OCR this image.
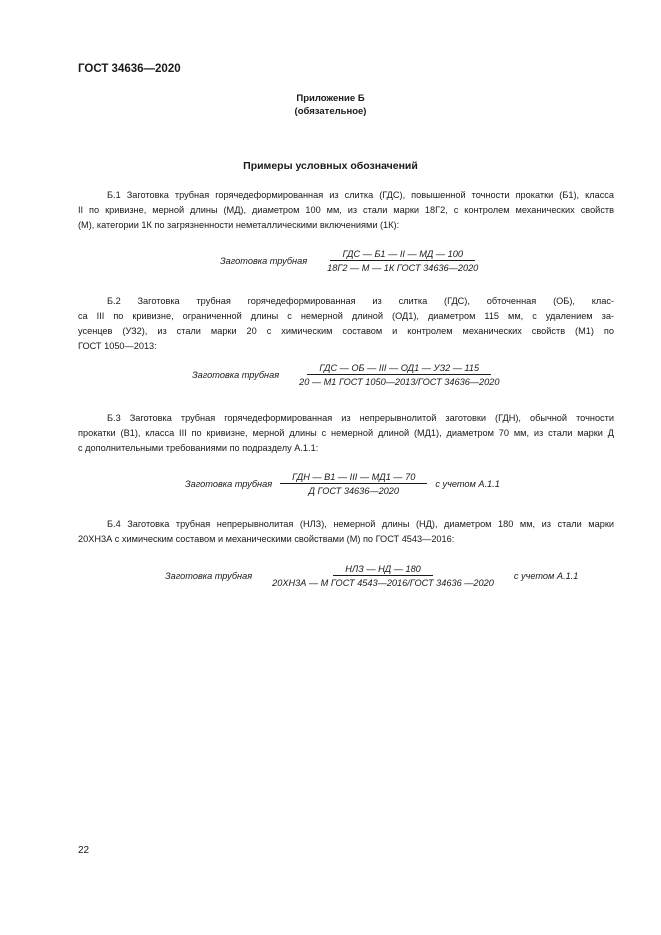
ГОСТ 34636—2020
Приложение Б
(обязательное)
Примеры условных обозначений
Б.1 Заготовка трубная горячедеформированная из слитка (ГДС), повышенной точности прокатки (Б1), класса
II по кривизне, мерной длины (МД), диаметром 100 мм, из стали марки 18Г2, с контролем механических свойств
(М), категории 1К по загрязненности неметаллическими включениями (1К):
Заготовка трубная $\frac{\text{ГДС — Б1 — II — МД — 100}}{\text{18Г2 — М — 1К ГОСТ 34636—2020}}$
Б.2 Заготовка трубная горячедеформированная из слитка (ГДС), обточенная (ОБ), клас-
са III по кривизне, ограниченной длины с немерной длиной (ОД1), диаметром 115 мм, с удалением за-
усенцев (УЗ2), из стали марки 20 с химическим составом и контролем механических свойств (М1) по
ГОСТ 1050—2013:
Заготовка трубная $\frac{\text{ГДС — ОБ — III — ОД1 — УЗ2 — 115}}{\text{20 — М1 ГОСТ 1050—2013/ГОСТ 34636—2020}}$
Б.3 Заготовка трубная горячедеформированная из непрерывнолитой заготовки (ГДН), обычной точности
прокатки (В1), класса III по кривизне, мерной длины с немерной длиной (МД1), диаметром 70 мм, из стали марки Д
с дополнительными требованиями по подразделу А.1.1:
Заготовка трубная $\frac{\text{ГДН — В1 — III — МД1 — 70}}{\text{Д ГОСТ 34636—2020}}$ с учетом А.1.1
Б.4 Заготовка трубная непрерывнолитая (НЛЗ), немерной длины (НД), диаметром 180 мм, из стали марки
20ХН3А с химическим составом и механическими свойствами (М) по ГОСТ 4543—2016:
Заготовка трубная $\frac{\text{НЛЗ — НД — 180}}{\text{20ХН3А — М ГОСТ 4543—2016/ГОСТ 34636 —2020}}$ с учетом А.1.1
22
